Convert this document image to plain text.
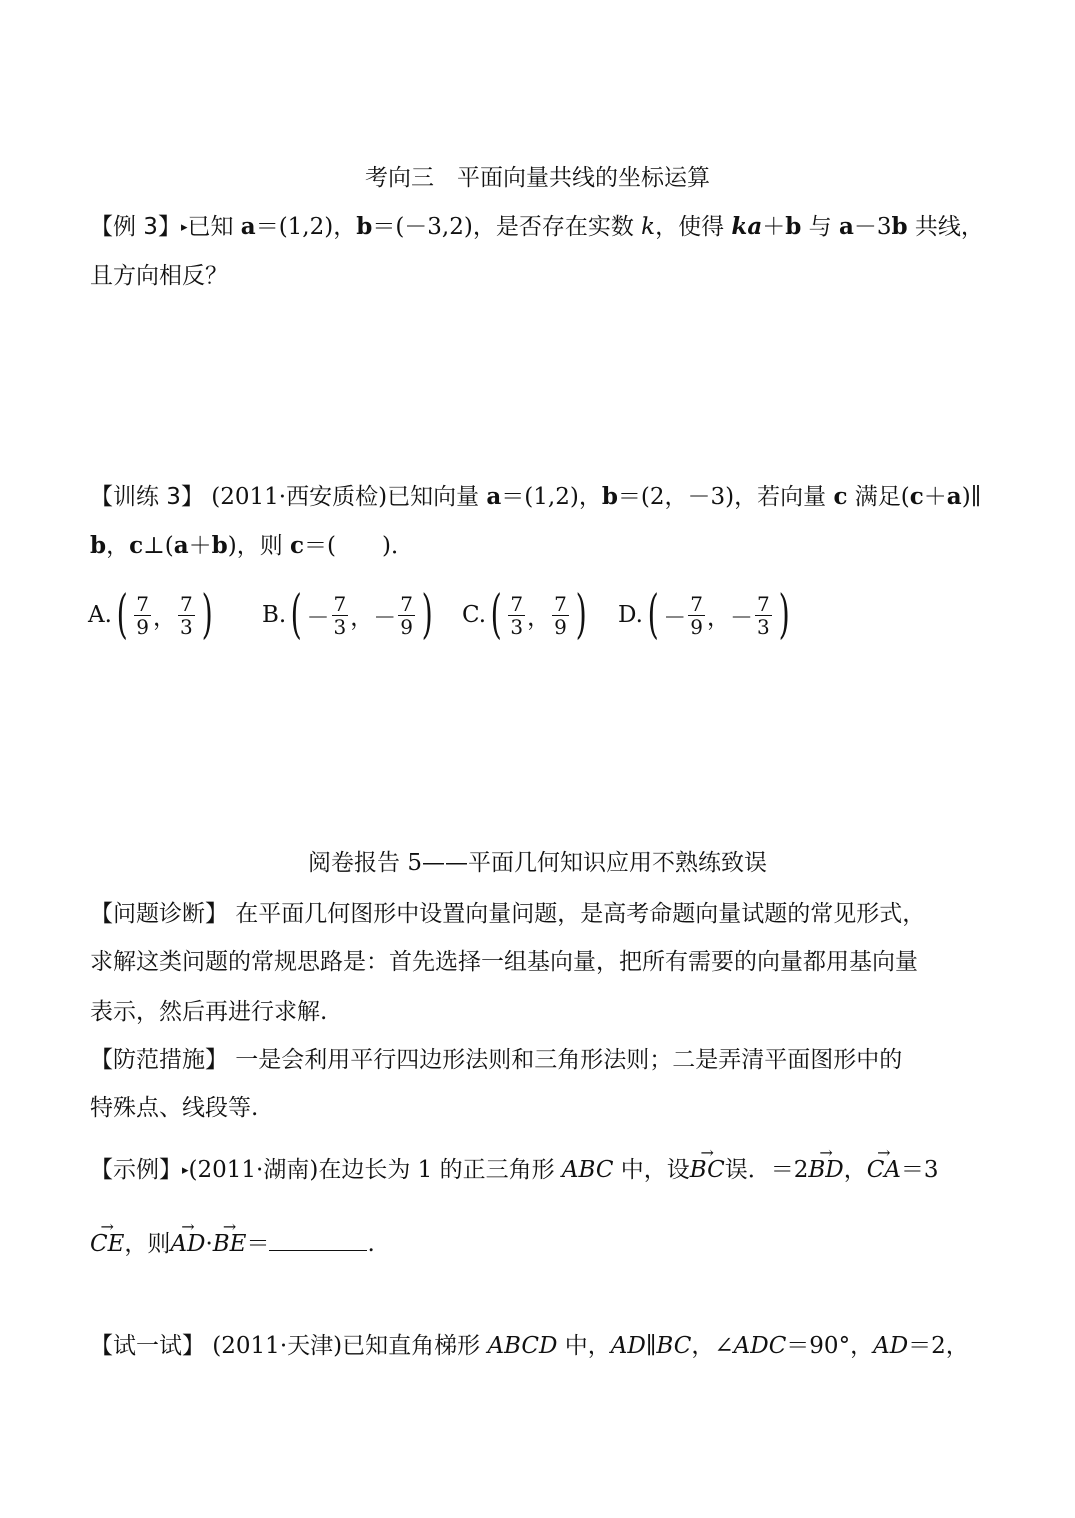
考向三　平面向量共线的坐标运算
【例 3】▸已知 a＝(1,2)，b＝(－3,2)，是否存在实数 k，使得 ka＋b 与 a－3b 共线，
且方向相反？
【训练 3】 (2011·西安质检)已知向量 a＝(1,2)，b＝(2，－3)，若向量 c 满足(c＋a)∥
b，c⊥(a＋b)，则 c＝(　　)．
A. ( $\frac{7}{9}$ ， $\frac{7}{3}$ ) B. ( － $\frac{7}{3}$ ， － $\frac{7}{9}$ ) C. ( $\frac{7}{3}$ ， $\frac{7}{9}$ ) D. ( － $\frac{7}{9}$ ， － $\frac{7}{3}$ )
阅卷报告 5——平面几何知识应用不熟练致误
【问题诊断】 在平面几何图形中设置向量问题，是高考命题向量试题的常见形式，
求解这类问题的常规思路是：首先选择一组基向量，把所有需要的向量都用基向量
表示，然后再进行求解.
【防范措施】 一是会利用平行四边形法则和三角形法则；二是弄清平面图形中的
特殊点、线段等.
【示例】▸(2011·湖南)在边长为 1 的正三角形 ABC 中，设→ BC误．＝2→ BD，→ CA＝3
→ CE，则→ AD·→ BE＝	.
【试一试】 (2011·天津)已知直角梯形 ABCD 中，AD∥BC，∠ADC＝90°，AD＝2，
